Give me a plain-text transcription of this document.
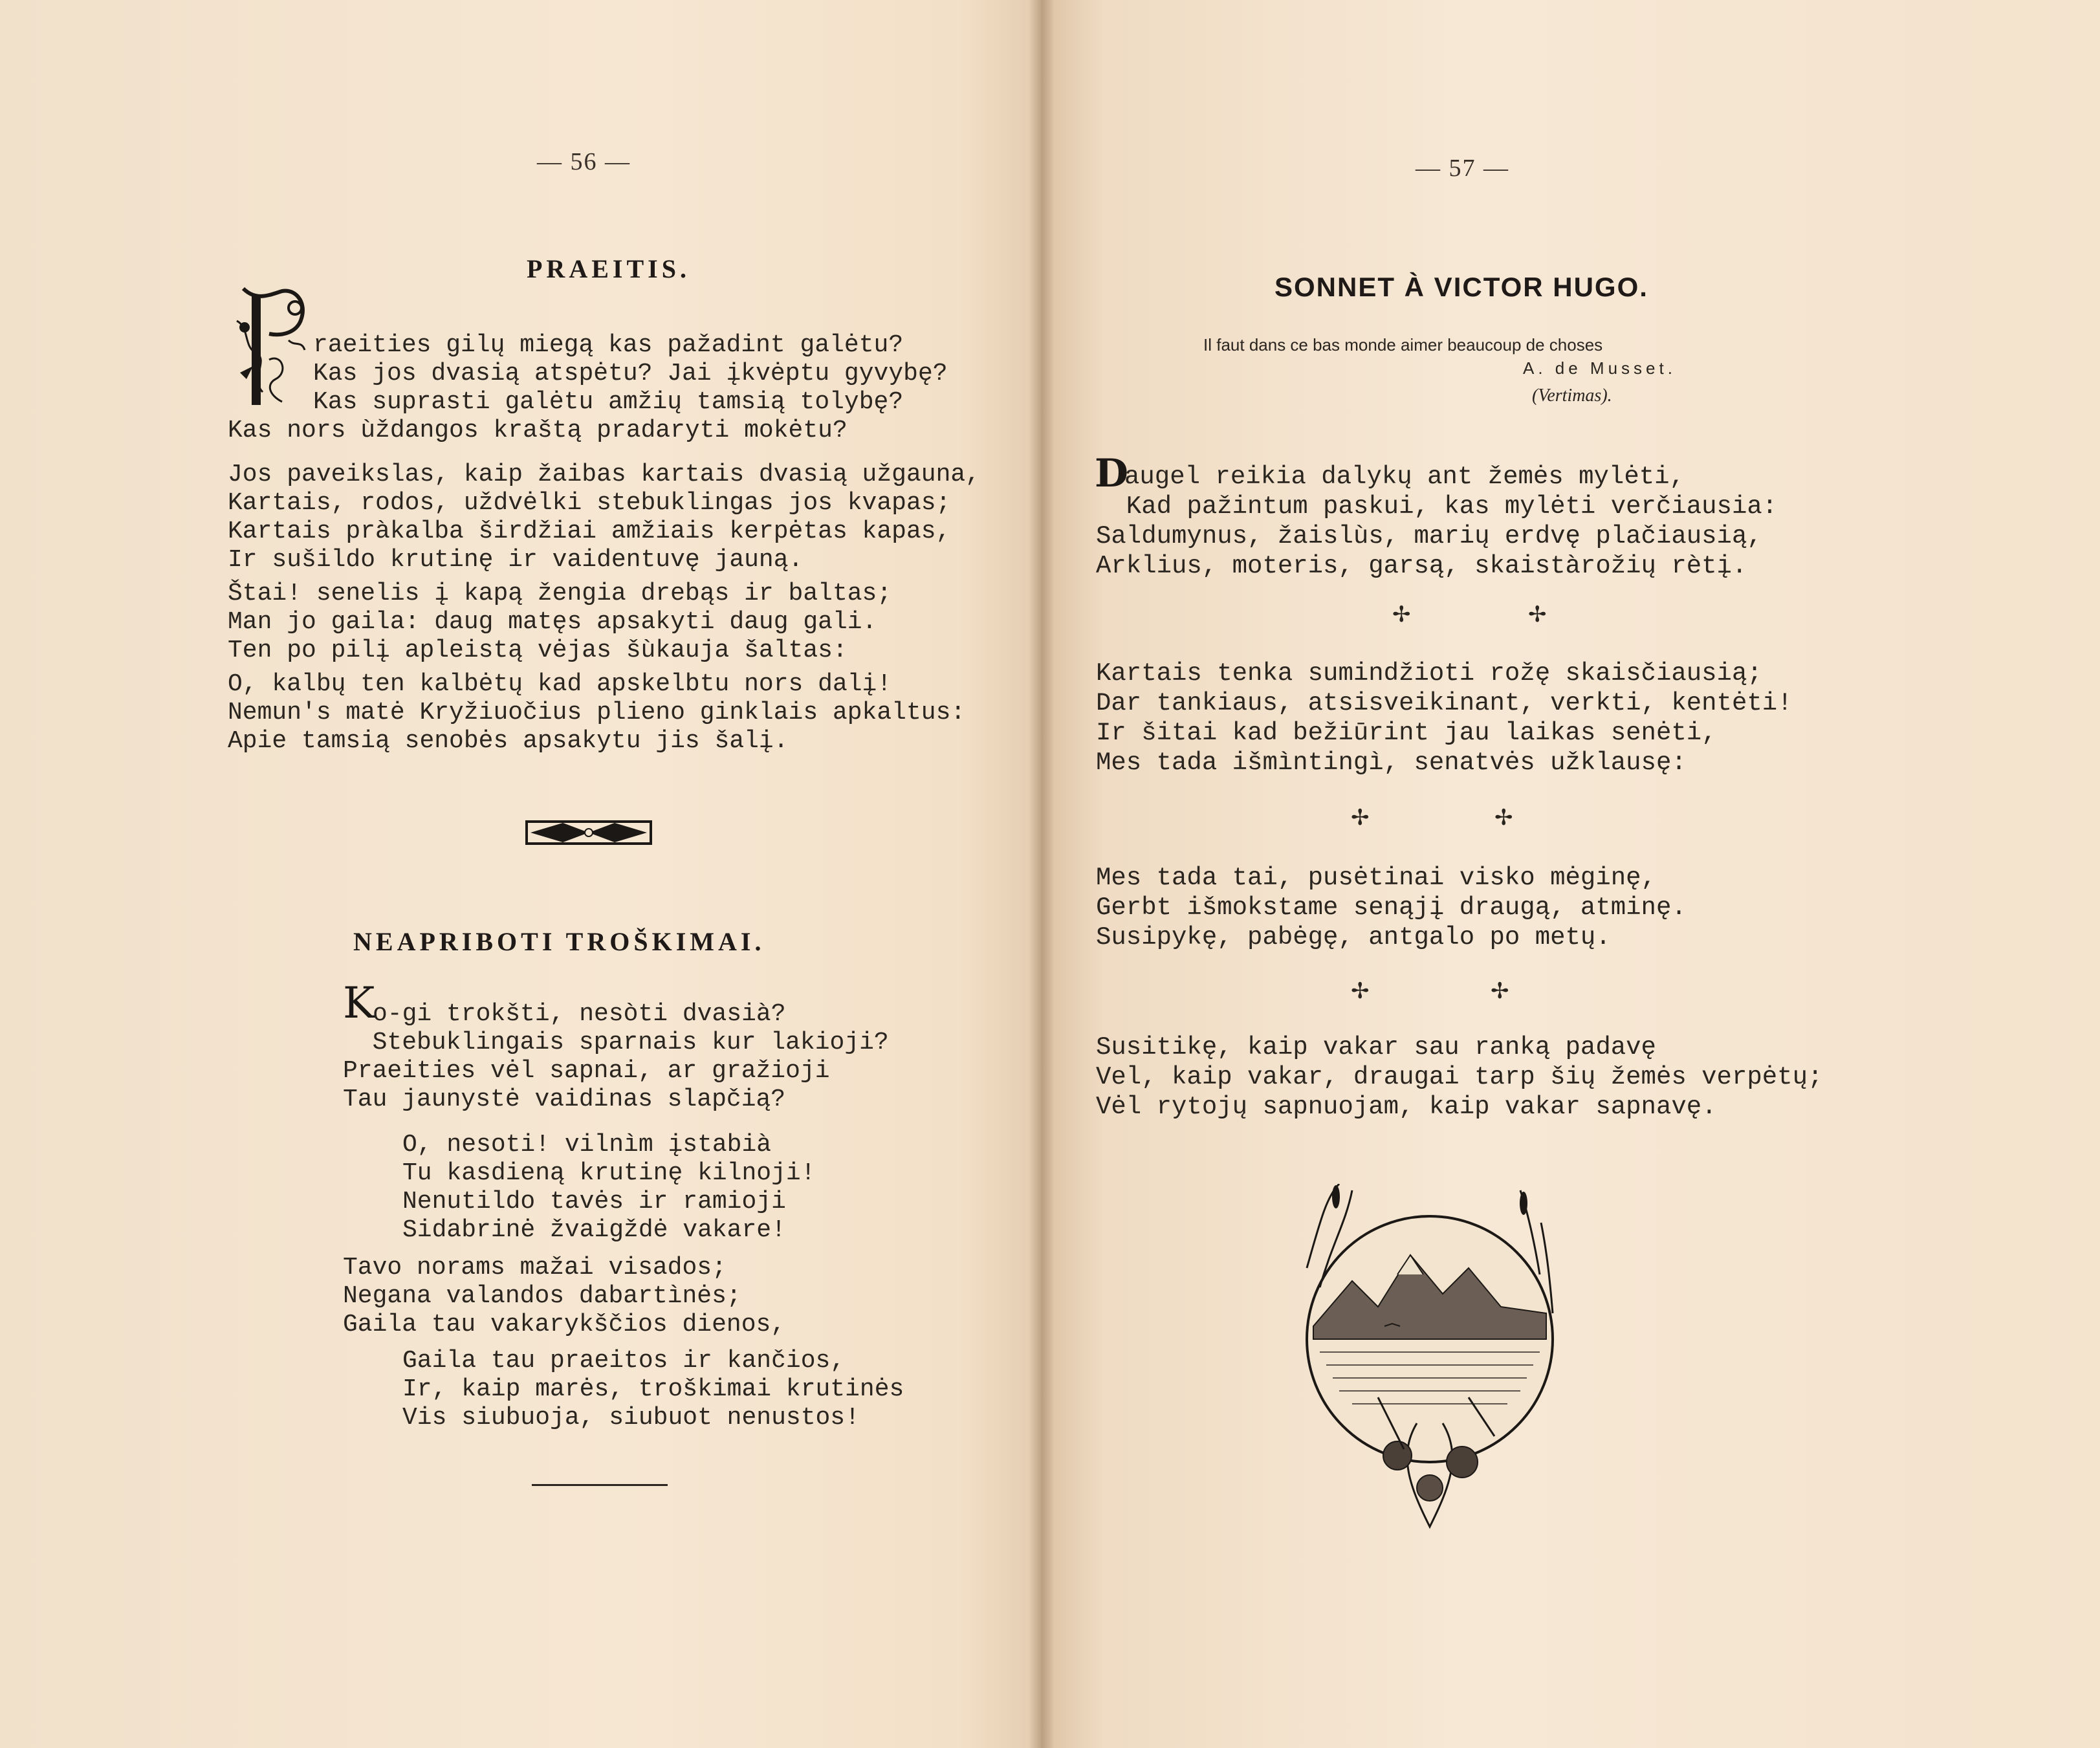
— 56 —
PRAEITIS.
raeities gilų miegą kas pažadint galėtu?
Kas jos dvasią atspėtu? Jai įkvėptu gyvybę?
Kas suprasti galėtu amžių tamsią tolybę?
Kas nors ùždangos kraštą pradaryti mokėtu?
Jos paveikslas, kaip žaibas kartais dvasią užgauna,
Kartais, rodos, uždvėlki stebuklingas jos kvapas;
Kartais pràkalba širdžiai amžiais kerpėtas kapas,
Ir sušildo krutinę ir vaidentuvę jauną.
Štai! senelis į kapą žengia drebąs ir baltas;
Man jo gaila: daug matęs apsakyti daug gali.
Ten po pilį apleistą vėjas šùkauja šaltas:
O, kalbų ten kalbėtų kad apskelbtu nors dalį!
Nemun's matė Kryžiuočius plieno ginklais apkaltus:
Apie tamsią senobės apsakytu jis šalį.
NEAPRIBOTI TROŠKIMAI.
K
o-gi trokšti, nesòti dvasià?
Stebuklingais sparnais kur lakioji?
Praeities vėl sapnai, ar gražioji
Tau jaunystė vaidinas slapčią?
O, nesoti! vilnìm įstabià
Tu kasdieną krutinę kilnoji!
Nenutildo tavės ir ramioji
Sidabrinė žvaigždė vakare!
Tavo norams mažai visados;
Negana valandos dabartìnės;
Gaila tau vakarykščios dienos,
Gaila tau praeitos ir kančios,
Ir, kaip marės, troškimai krutinės
Vis siubuoja, siubuot nenustos!
— 57 —
SONNET À VICTOR HUGO.
Il faut dans ce bas monde aimer beaucoup de choses
A. de Musset.
(Vertimas).
D
augel reikia dalykų ant žemės mylėti,
Kad pažintum paskui, kas mylėti verčiausia:
Saldumynus, žaislùs, marių erdvę plačiausią,
Arklius, moteris, garsą, skaistàrožių rètį.
✢	✢
Kartais tenka sumindžioti rožę skaisčiausią;
Dar tankiaus, atsisveikinant, verkti, kentėti!
Ir šitai kad bežiūrint jau laikas senėti,
Mes tada išmìntingì, senatvės užklausę:
✢	✢
Mes tada tai, pusėtinai visko mėginę,
Gerbt išmokstame senąjį draugą, atminę.
Susipykę, pabėgę, antgalo po metų.
✢	✢
Susitikę, kaip vakar sau ranką padavę
Vel, kaip vakar, draugai tarp šių žemės verpėtų;
Vėl rytojų sapnuojam, kaip vakar sapnavę.
